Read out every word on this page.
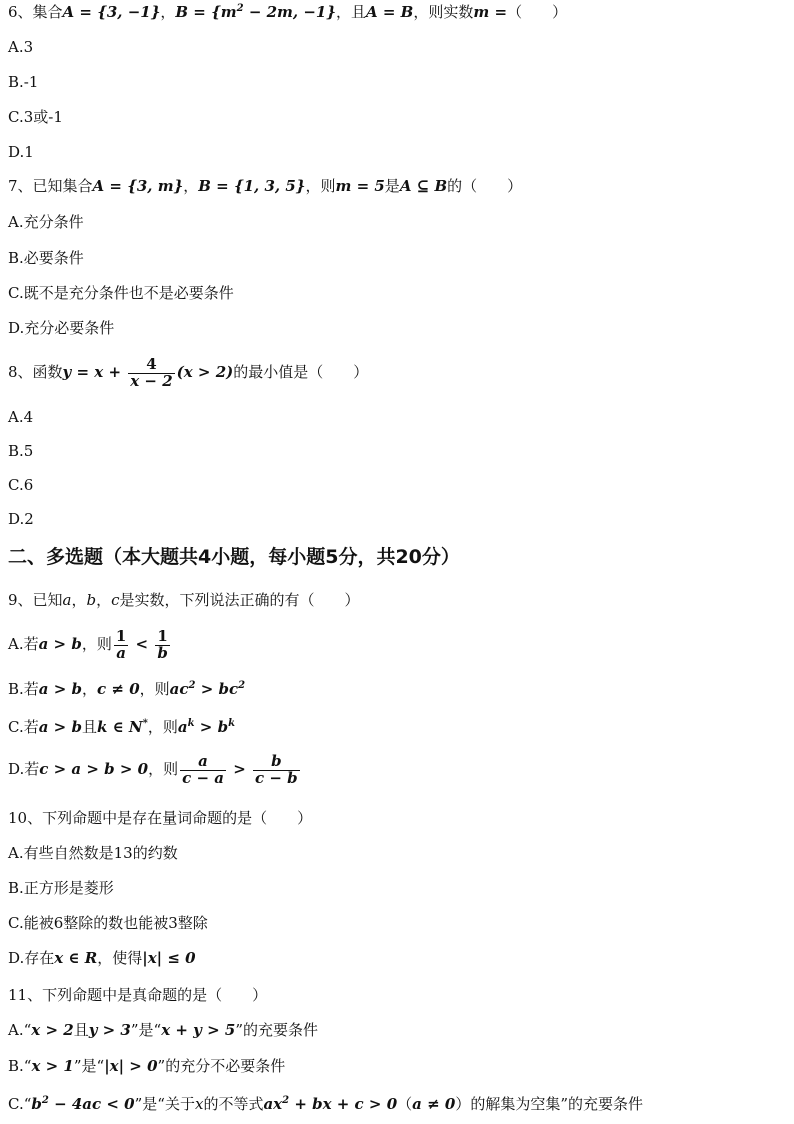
6、集合A = {3, −1}，$B = \{m^2 - 2m$, −1}，且A = B，则实数m =（　　）
A.3
B.-1
C.3或-1
D.1
7、已知集合A = {3, m}，B = {1, 3, 5}，则m = 5是A ⊆ B的（　　）
A.充分条件
B.必要条件
C.既不是充分条件也不是必要条件
D.充分必要条件
8、函数$y = x + \frac{4}{x - 2} (x > 2)$的最小值是（　　）
A.4
B.5
C.6
D.2
二、多选题（本大题共4小题，每小题5分，共20分）
9、已知a，b，c是实数，下列说法正确的有（　　）
A.若a > b，则 $\frac{1}{a} < \frac{1}{b}$
B.若a > b，c ≠ 0，则$ac^2 > bc^2$
C.若a > b且k ∈ N*，则$a^k > b^k$
D.若c > a > b > 0，则 $\frac{a}{c - a} > \frac{b}{c - b}$
10、下列命题中是存在量词命题的是（　　）
A.有些自然数是13的约数
B.正方形是菱形
C.能被6整除的数也能被3整除
D.存在x ∈ R，使得|x| ≤ 0
11、下列命题中是真命题的是（　　）
A.“x > 2且y > 3”是“x + y > 5”的充要条件
B.“x > 1”是“|x| > 0”的充分不必要条件
$C.“b^2 - 4ac < 0$”是“关于x的不等式$ax^2$ + bx + c > 0（a ≠ 0）的解集为空集”的充要条件
